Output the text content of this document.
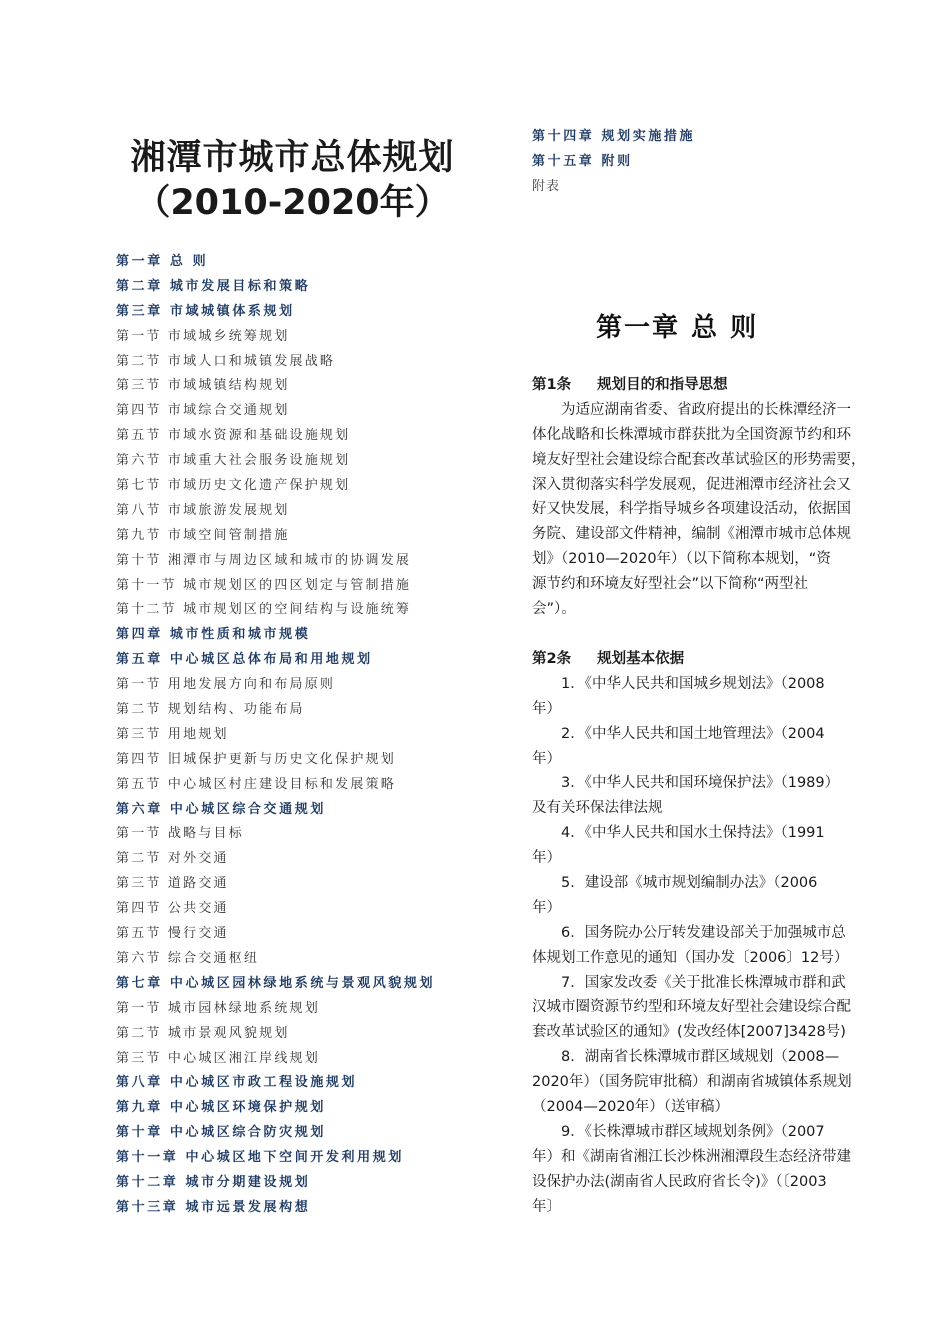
湘潭市城市总体规划
（2010-2020年）
第一章 总 则
第二章 城市发展目标和策略
第三章 市域城镇体系规划
第一节 市域城乡统筹规划
第二节 市域人口和城镇发展战略
第三节 市域城镇结构规划
第四节 市域综合交通规划
第五节 市域水资源和基础设施规划
第六节 市域重大社会服务设施规划
第七节 市域历史文化遗产保护规划
第八节 市域旅游发展规划
第九节 市域空间管制措施
第十节 湘潭市与周边区域和城市的协调发展
第十一节 城市规划区的四区划定与管制措施
第十二节 城市规划区的空间结构与设施统筹
第四章 城市性质和城市规模
第五章 中心城区总体布局和用地规划
第一节 用地发展方向和布局原则
第二节 规划结构、功能布局
第三节 用地规划
第四节 旧城保护更新与历史文化保护规划
第五节 中心城区村庄建设目标和发展策略
第六章 中心城区综合交通规划
第一节 战略与目标
第二节 对外交通
第三节 道路交通
第四节 公共交通
第五节 慢行交通
第六节 综合交通枢纽
第七章 中心城区园林绿地系统与景观风貌规划
第一节 城市园林绿地系统规划
第二节 城市景观风貌规划
第三节 中心城区湘江岸线规划
第八章 中心城区市政工程设施规划
第九章 中心城区环境保护规划
第十章 中心城区综合防灾规划
第十一章 中心城区地下空间开发利用规划
第十二章 城市分期建设规划
第十三章 城市远景发展构想
第十四章 规划实施措施
第十五章 附则
附表
第一章 总 则
第1条 规划目的和指导思想
　　为适应湖南省委、省政府提出的长株潭经济一
体化战略和长株潭城市群获批为全国资源节约和环
境友好型社会建设综合配套改革试验区的形势需要，
深入贯彻落实科学发展观，促进湘潭市经济社会又
好又快发展，科学指导城乡各项建设活动，依据国
务院、建设部文件精神，编制《湘潭市城市总体规
划》（2010—2020年）（以下简称本规划，“资
源节约和环境友好型社会”以下简称“两型社
会”）。
第2条 规划基本依据
　　1．《中华人民共和国城乡规划法》（2008
年）
　　2．《中华人民共和国土地管理法》（2004
年）
　　3．《中华人民共和国环境保护法》（1989）
及有关环保法律法规
　　4．《中华人民共和国水土保持法》（1991
年）
　　5．建设部《城市规划编制办法》（2006
年）
　　6．国务院办公厅转发建设部关于加强城市总
体规划工作意见的通知（国办发〔2006〕12号）
　　7．国家发改委《关于批准长株潭城市群和武
汉城市圈资源节约型和环境友好型社会建设综合配
套改革试验区的通知》(发改经体[2007]3428号)
　　8．湖南省长株潭城市群区域规划（2008—
2020年）（国务院审批稿）和湖南省城镇体系规划
（2004—2020年）（送审稿）
　　9．《长株潭城市群区域规划条例》（2007
年）和《湖南省湘江长沙株洲湘潭段生态经济带建
设保护办法(湖南省人民政府省长令)》（〔2003
年〕
